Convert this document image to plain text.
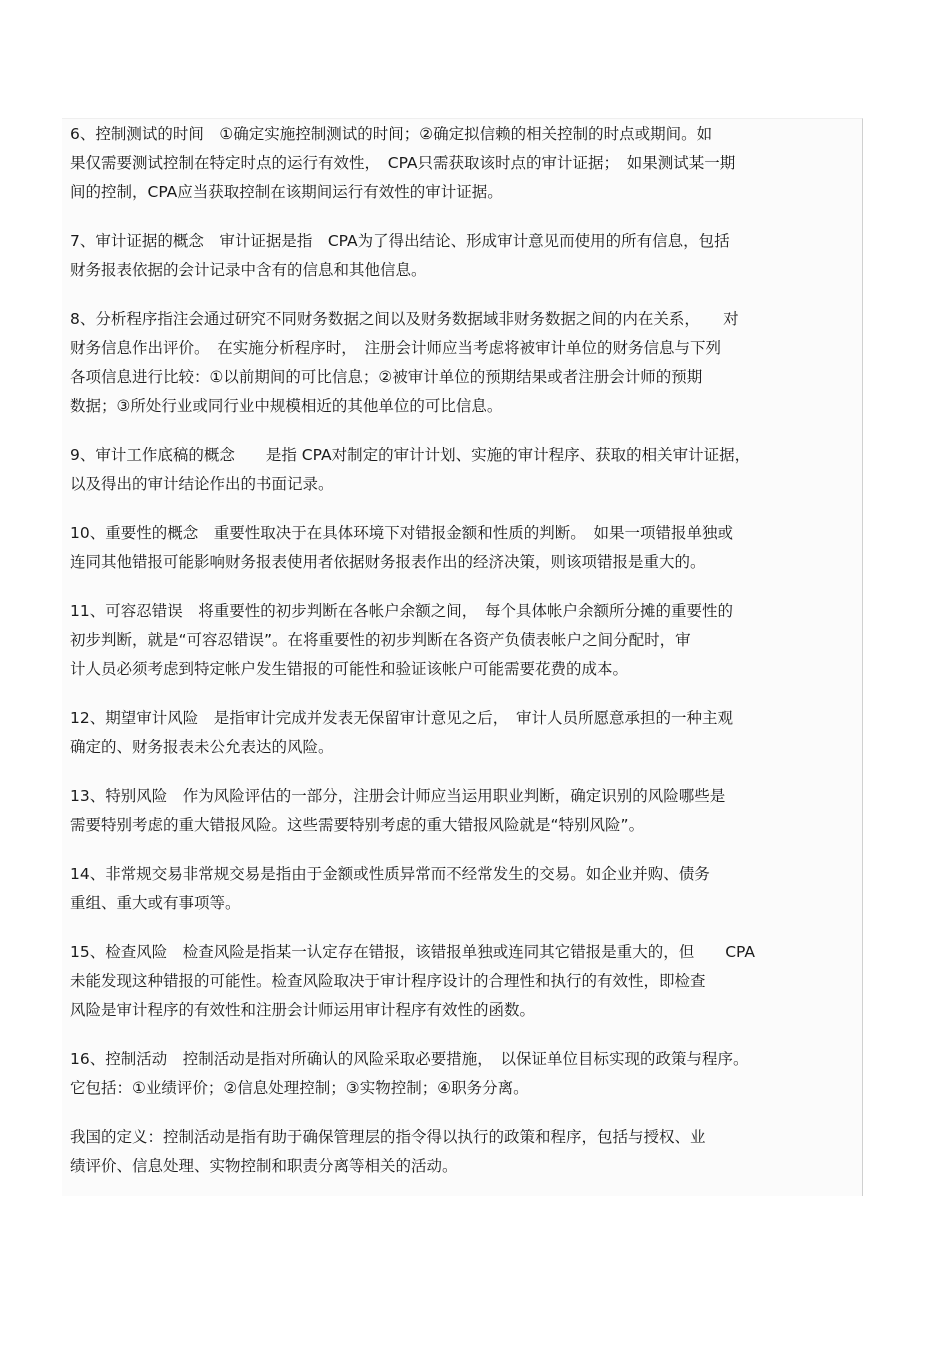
6、控制测试的时间　①确定实施控制测试的时间；②确定拟信赖的相关控制的时点或期间。如
果仅需要测试控制在特定时点的运行有效性，　CPA只需获取该时点的审计证据；　如果测试某一期
间的控制，CPA应当获取控制在该期间运行有效性的审计证据。
7、审计证据的概念　审计证据是指　CPA为了得出结论、形成审计意见而使用的所有信息，包括
财务报表依据的会计记录中含有的信息和其他信息。
8、分析程序指注会通过研究不同财务数据之间以及财务数据域非财务数据之间的内在关系，　　对
财务信息作出评价。　在实施分析程序时，　注册会计师应当考虑将被审计单位的财务信息与下列
各项信息进行比较：①以前期间的可比信息；②被审计单位的预期结果或者注册会计师的预期
数据；③所处行业或同行业中规模相近的其他单位的可比信息。
9、审计工作底稿的概念　　是指 CPA对制定的审计计划、实施的审计程序、获取的相关审计证据，
以及得出的审计结论作出的书面记录。
10、重要性的概念　重要性取决于在具体环境下对错报金额和性质的判断。　如果一项错报单独或
连同其他错报可能影响财务报表使用者依据财务报表作出的经济决策，则该项错报是重大的。
11、可容忍错误　将重要性的初步判断在各帐户余额之间，　每个具体帐户余额所分摊的重要性的
初步判断，就是“可容忍错误”。在将重要性的初步判断在各资产负债表帐户之间分配时，审
计人员必须考虑到特定帐户发生错报的可能性和验证该帐户可能需要花费的成本。
12、期望审计风险　是指审计完成并发表无保留审计意见之后，　审计人员所愿意承担的一种主观
确定的、财务报表未公允表达的风险。
13、特别风险　作为风险评估的一部分，注册会计师应当运用职业判断，确定识别的风险哪些是
需要特别考虑的重大错报风险。这些需要特别考虑的重大错报风险就是“特别风险”。
14、非常规交易非常规交易是指由于金额或性质异常而不经常发生的交易。如企业并购、债务
重组、重大或有事项等。
15、检查风险　检查风险是指某一认定存在错报，该错报单独或连同其它错报是重大的，但　　CPA
未能发现这种错报的可能性。检查风险取决于审计程序设计的合理性和执行的有效性，即检查
风险是审计程序的有效性和注册会计师运用审计程序有效性的函数。
16、控制活动　控制活动是指对所确认的风险采取必要措施，　以保证单位目标实现的政策与程序。
它包括：①业绩评价；②信息处理控制；③实物控制；④职务分离。
我国的定义：控制活动是指有助于确保管理层的指令得以执行的政策和程序，包括与授权、业
绩评价、信息处理、实物控制和职责分离等相关的活动。
